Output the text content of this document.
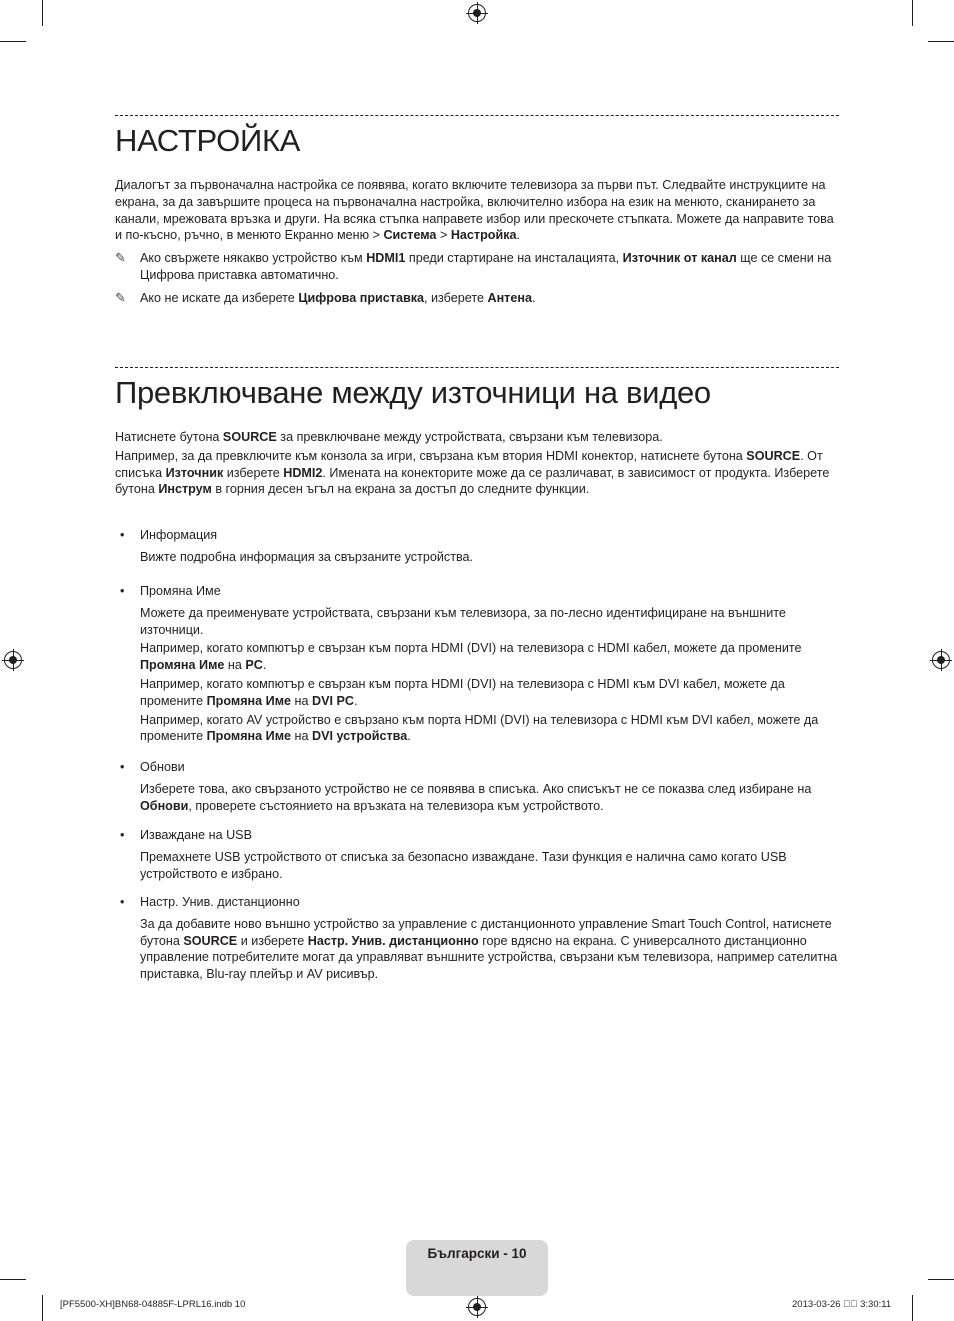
НАСТРОЙКА

Диалогът за първоначална настройка се появява, когато включите телевизора за първи път. Следвайте инструкциите на екрана, за да завършите процеса на първоначална настройка, включително избора на език на менюто, сканирането за канали, мрежовата връзка и други. На всяка стъпка направете избор или прескочете стъпката. Можете да направите това и по-късно, ръчно, в менюто Екранно меню > Система > Настройка.

✎	Ако свържете някакво устройство към HDMI1 преди стартиране на инсталацията, Източник от канал ще се смени на Цифрова приставка автоматично.

✎	Ако не искате да изберете Цифрова приставка, изберете Антена.

Превключване между източници на видео

Натиснете бутона SOURCE за превключване между устройствата, свързани към телевизора.

Например, за да превключите към конзола за игри, свързана към втория HDMI конектор, натиснете бутона SOURCE. От списъка Източник изберете HDMI2. Имената на конекторите може да се различават, в зависимост от продукта. Изберете бутона Инструм в горния десен ъгъл на екрана за достъп до следните функции.

•	Информация

Вижте подробна информация за свързаните устройства.

•	Промяна Име

Можете да преименувате устройствата, свързани към телевизора, за по-лесно идентифициране на външните източници.

Например, когато компютър е свързан към порта HDMI (DVI) на телевизора с HDMI кабел, можете да промените Промяна Име на PC.

Например, когато компютър е свързан към порта HDMI (DVI) на телевизора с HDMI към DVI кабел, можете да промените Промяна Име на DVI PC.

Например, когато AV устройство е свързано към порта HDMI (DVI) на телевизора с HDMI към DVI кабел, можете да промените Промяна Име на DVI устройства.

•	Обнови

Изберете това, ако свързаното устройство не се появява в списъка. Ако списъкът не се показва след избиране на Обнови, проверете състоянието на връзката на телевизора към устройството.

•	Изваждане на USB

Премахнете USB устройството от списъка за безопасно изваждане. Тази функция е налична само когато USB устройството е избрано.

•	Настр. Унив. дистанционно

За да добавите ново външно устройство за управление с дистанционното управление Smart Touch Control, натиснете бутона SOURCE и изберете Настр. Унив. дистанционно горе вдясно на екрана. С универсалното дистанционно управление потребителите могат да управляват външните устройства, свързани към телевизора, например сателитна приставка, Blu-ray плейър и AV рисивър.

Български - 10
[PF5500-XH]BN68-04885F-LPRL16.indb 10	2013-03-26    3:30:11
